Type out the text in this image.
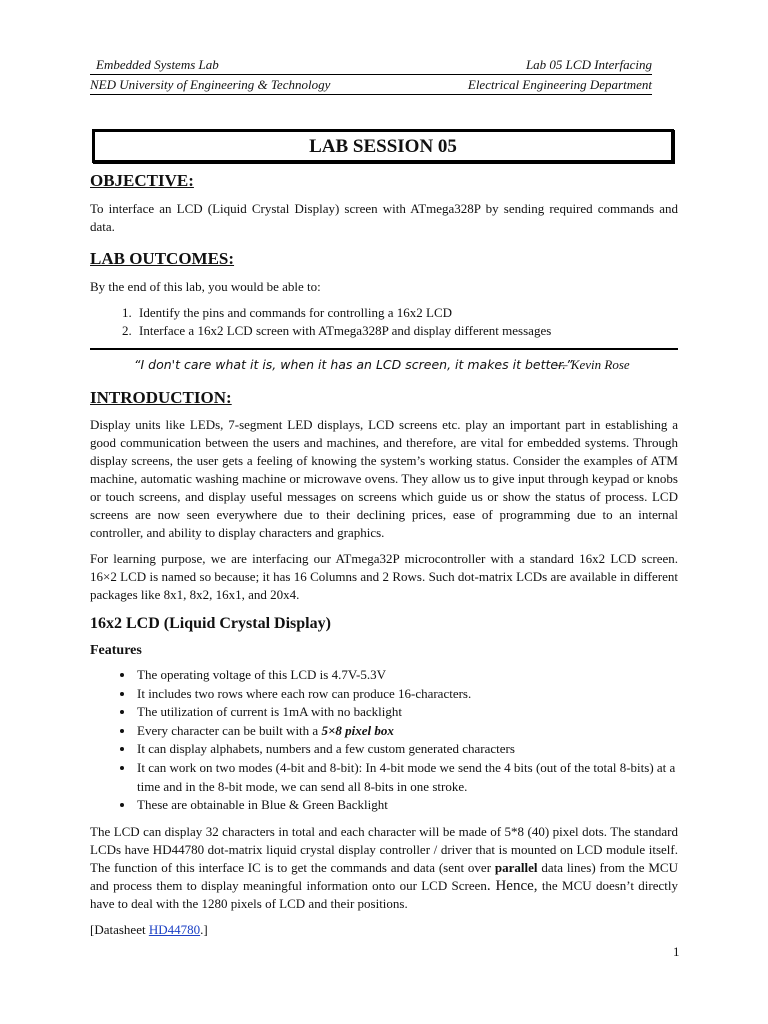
Embedded Systems Lab	Lab 05 LCD Interfacing
NED University of Engineering & Technology	Electrical Engineering Department
LAB SESSION 05
OBJECTIVE:

To interface an LCD (Liquid Crystal Display) screen with ATmega328P by sending required commands and data.

LAB OUTCOMES:

By the end of this lab, you would be able to:

1. Identify the pins and commands for controlling a 16x2 LCD
2. Interface a 16x2 LCD screen with ATmega328P and display different messages
“I don't care what it is, when it has an LCD screen, it makes it better.”
— Kevin Rose
INTRODUCTION:

Display units like LEDs, 7-segment LED displays, LCD screens etc. play an important part in establishing a good communication between the users and machines, and therefore, are vital for embedded systems. Through display screens, the user gets a feeling of knowing the system’s working status. Consider the examples of ATM machine, automatic washing machine or microwave ovens. They allow us to give input through keypad or knobs or touch screens, and display useful messages on screens which guide us or show the status of process. LCD screens are now seen everywhere due to their declining prices, ease of programming due to an internal controller, and ability to display characters and graphics.

For learning purpose, we are interfacing our ATmega32P microcontroller with a standard 16x2 LCD screen. 16×2 LCD is named so because; it has 16 Columns and 2 Rows. Such dot-matrix LCDs are available in different packages like 8x1, 8x2, 16x1, and 20x4.

16x2 LCD (Liquid Crystal Display)
Features
• The operating voltage of this LCD is 4.7V-5.3V
• It includes two rows where each row can produce 16-characters.
• The utilization of current is 1mA with no backlight
• Every character can be built with a 5×8 pixel box
• It can display alphabets, numbers and a few custom generated characters
• It can work on two modes (4-bit and 8-bit): In 4-bit mode we send the 4 bits (out of the total 8-bits) at a time and in the 8-bit mode, we can send all 8-bits in one stroke.
• These are obtainable in Blue & Green Backlight

The LCD can display 32 characters in total and each character will be made of 5*8 (40) pixel dots. The standard LCDs have HD44780 dot-matrix liquid crystal display controller / driver that is mounted on LCD module itself. The function of this interface IC is to get the commands and data (sent over parallel data lines) from the MCU and process them to display meaningful information onto our LCD Screen. Hence, the MCU doesn’t directly have to deal with the 1280 pixels of LCD and their positions.

[Datasheet HD44780.]

1
